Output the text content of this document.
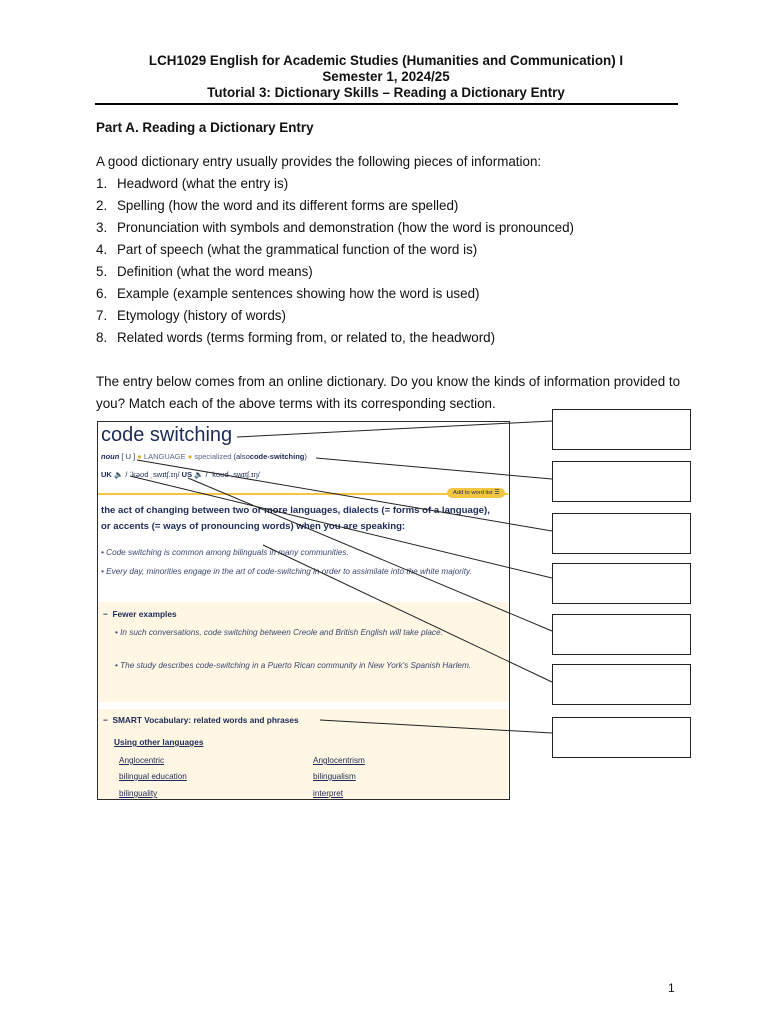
LCH1029 English for Academic Studies (Humanities and Communication) I
Semester 1, 2024/25
Tutorial 3: Dictionary Skills – Reading a Dictionary Entry
Part A. Reading a Dictionary Entry
A good dictionary entry usually provides the following pieces of information:
1. Headword (what the entry is)
2. Spelling (how the word and its different forms are spelled)
3. Pronunciation with symbols and demonstration (how the word is pronounced)
4. Part of speech (what the grammatical function of the word is)
5. Definition (what the word means)
6. Example (example sentences showing how the word is used)
7. Etymology (history of words)
8. Related words (terms forming from, or related to, the headword)
The entry below comes from an online dictionary. Do you know the kinds of information provided to
you? Match each of the above terms with its corresponding section.
code switching
noun [ U ] ● LANGUAGE ● specialized (alsocode-switching)
UK 🔈 / ˈkəʊd ˌswɪtʃ.ɪŋ/ US 🔈 / ˈkoʊd ˌswɪtʃ.ɪŋ/
Add to word list ☰
the act of changing between two or more languages, dialects (= forms of a language), or accents (= ways of pronouncing words) when you are speaking:
• Code switching is common among bilinguals in many communities.
• Every day, minorities engage in the art of code-switching in order to assimilate into the white majority.
−  Fewer examples
• In such conversations, code switching between Creole and British English will take place.
• The study describes code-switching in a Puerto Rican community in New York's Spanish Harlem.
−  SMART Vocabulary: related words and phrases
Using other languages
Anglocentric	Anglocentrism
bilingual education	bilingualism
bilinguality	interpret
1
